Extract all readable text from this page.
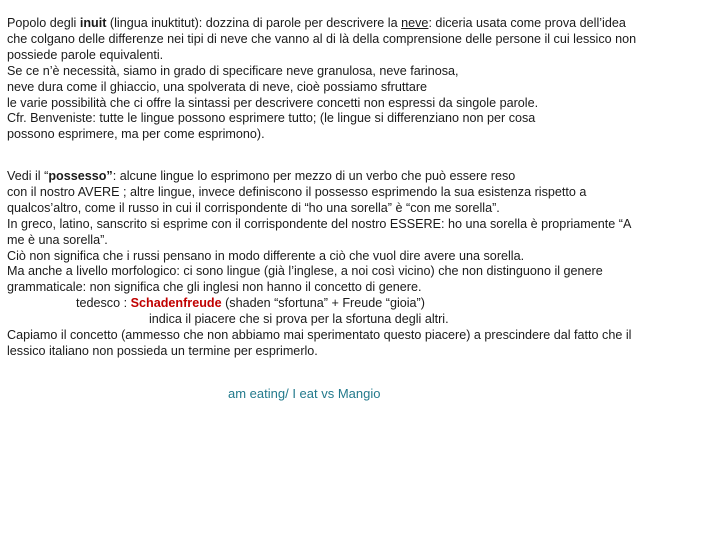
Popolo degli inuit (lingua inuktitut): dozzina di parole per descrivere la neve: diceria usata come prova dell’idea
che colgano delle differenze nei tipi di neve che vanno al di là della comprensione delle persone il cui lessico non
possiede parole equivalenti.
Se ce n’è necessità, siamo in grado di specificare neve granulosa, neve farinosa,
neve dura come il ghiaccio, una spolverata di neve, cioè possiamo sfruttare
le varie possibilità che ci offre la sintassi per descrivere concetti non espressi da singole parole.
Cfr. Benveniste: tutte le lingue possono esprimere tutto; (le lingue si differenziano non per cosa
possono esprimere, ma per come esprimono).
Vedi il “possesso”: alcune lingue lo esprimono per mezzo di un verbo che può essere reso
con il nostro AVERE ; altre lingue, invece definiscono il possesso esprimendo la sua esistenza rispetto a
qualcos’altro, come il russo in cui il corrispondente di “ho una sorella” è “con me sorella”.
In greco, latino, sanscrito si esprime con il corrispondente del nostro ESSERE: ho una sorella è propriamente “A
me è una sorella”.
Ciò non significa che i russi pensano in modo differente a ciò che vuol dire avere una sorella.
Ma anche a livello morfologico: ci sono lingue (già l’inglese, a noi così vicino) che non distinguono il genere
grammaticale: non significa che gli inglesi non hanno il concetto di genere.
tedesco : Schadenfreude (shaden “sfortuna” + Freude “gioia”)
indica il piacere che si prova per la sfortuna degli altri.
Capiamo il concetto (ammesso che non abbiamo mai sperimentato questo piacere) a prescindere dal fatto che il
lessico italiano non possieda un termine per esprimerlo.
am eating/ I eat vs Mangio
